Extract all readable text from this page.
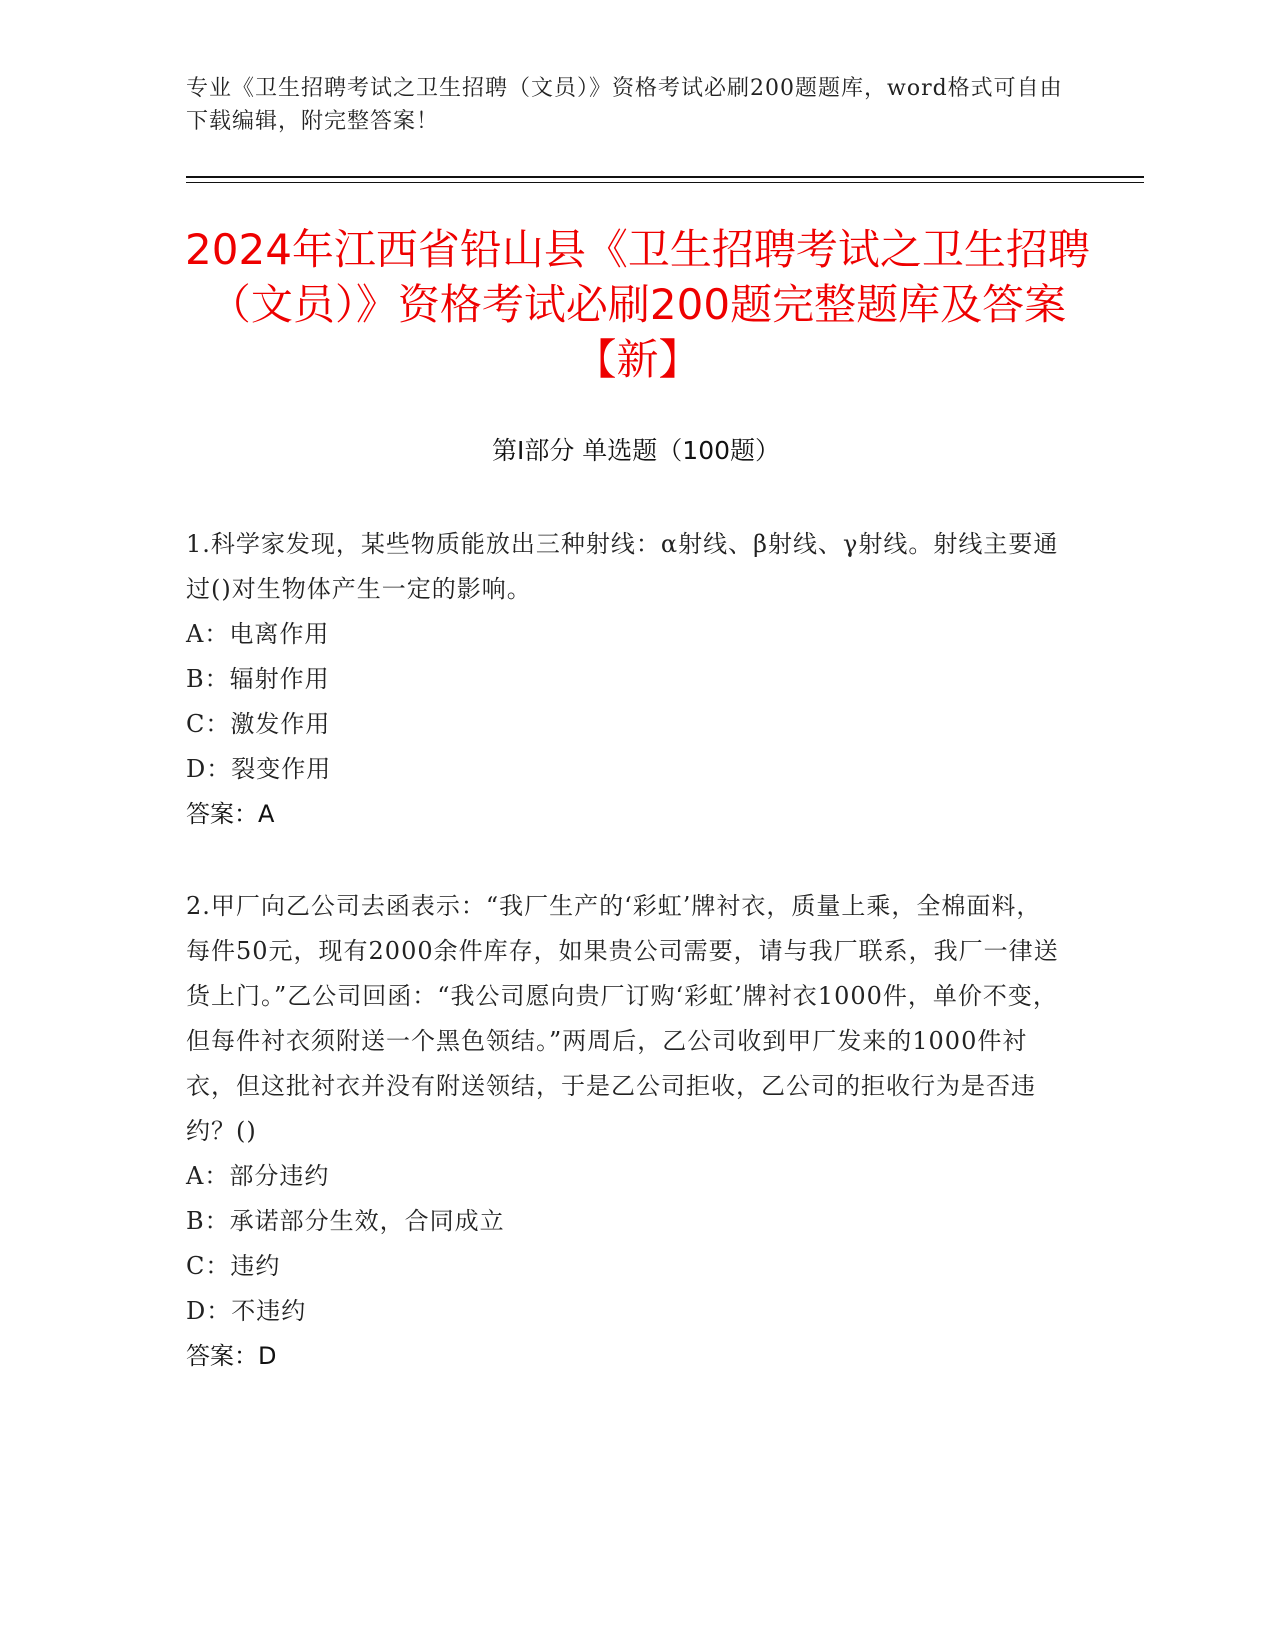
专业《卫生招聘考试之卫生招聘（文员）》资格考试必刷200题题库，word格式可自由下载编辑，附完整答案！
2024年江西省铅山县《卫生招聘考试之卫生招聘（文员）》资格考试必刷200题完整题库及答案【新】
第Ⅰ部分 单选题（100题）
1.科学家发现，某些物质能放出三种射线：α射线、β射线、γ射线。射线主要通过()对生物体产生一定的影响。
A：电离作用
B：辐射作用
C：激发作用
D：裂变作用
答案：A
2.甲厂向乙公司去函表示：“我厂生产的‘彩虹’牌衬衣，质量上乘，全棉面料，每件50元，现有2000余件库存，如果贵公司需要，请与我厂联系，我厂一律送货上门。”乙公司回函：“我公司愿向贵厂订购‘彩虹’牌衬衣1000件，单价不变，但每件衬衣须附送一个黑色领结。”两周后，乙公司收到甲厂发来的1000件衬衣，但这批衬衣并没有附送领结，于是乙公司拒收，乙公司的拒收行为是否违约？()
A：部分违约
B：承诺部分生效，合同成立
C：违约
D：不违约
答案：D
